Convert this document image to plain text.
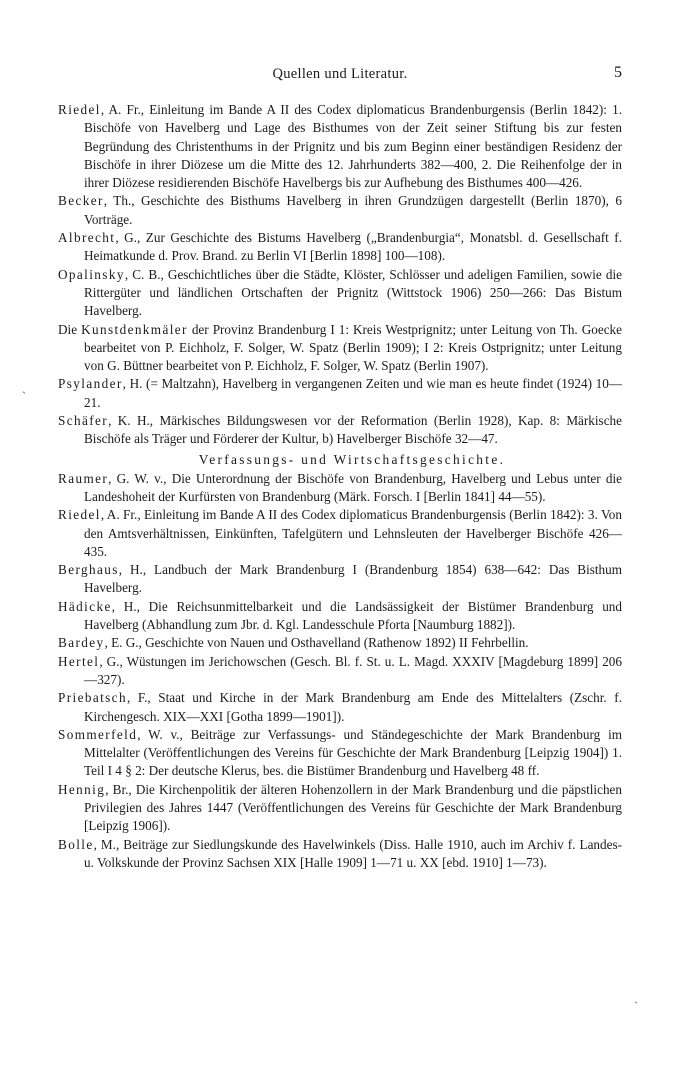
Quellen und Literatur.	5

Riedel, A. Fr., Einleitung im Bande A II des Codex diplomaticus Brandenburgensis (Berlin 1842): 1. Bischöfe von Havelberg und Lage des Bisthumes von der Zeit seiner Stiftung bis zur festen Begründung des Christenthums in der Prignitz und bis zum Beginn einer beständigen Residenz der Bischöfe in ihrer Diözese um die Mitte des 12. Jahrhunderts 382—400, 2. Die Reihenfolge der in ihrer Diözese residierenden Bischöfe Havelbergs bis zur Aufhebung des Bisthumes 400—426.

Becker, Th., Geschichte des Bisthums Havelberg in ihren Grundzügen dargestellt (Berlin 1870), 6 Vorträge.

Albrecht, G., Zur Geschichte des Bistums Havelberg („Brandenburgia“, Monatsbl. d. Gesellschaft f. Heimatkunde d. Prov. Brand. zu Berlin VI [Berlin 1898] 100—108).

Opalinsky, C. B., Geschichtliches über die Städte, Klöster, Schlösser und adeligen Familien, sowie die Rittergüter und ländlichen Ortschaften der Prignitz (Wittstock 1906) 250—266: Das Bistum Havelberg.

Die Kunstdenkmäler der Provinz Brandenburg I 1: Kreis Westprignitz; unter Leitung von Th. Goecke bearbeitet von P. Eichholz, F. Solger, W. Spatz (Berlin 1909); I 2: Kreis Ostprignitz; unter Leitung von G. Büttner bearbeitet von P. Eichholz, F. Solger, W. Spatz (Berlin 1907).

Psylander, H. (= Maltzahn), Havelberg in vergangenen Zeiten und wie man es heute findet (1924) 10—21.

Schäfer, K. H., Märkisches Bildungswesen vor der Reformation (Berlin 1928), Kap. 8: Märkische Bischöfe als Träger und Förderer der Kultur, b) Havelberger Bischöfe 32—47.

Verfassungs- und Wirtschaftsgeschichte.

Raumer, G. W. v., Die Unterordnung der Bischöfe von Brandenburg, Havelberg und Lebus unter die Landeshoheit der Kurfürsten von Brandenburg (Märk. Forsch. I [Berlin 1841] 44—55).

Riedel, A. Fr., Einleitung im Bande A II des Codex diplomaticus Brandenburgensis (Berlin 1842): 3. Von den Amtsverhältnissen, Einkünften, Tafelgütern und Lehnsleuten der Havelberger Bischöfe 426—435.

Berghaus, H., Landbuch der Mark Brandenburg I (Brandenburg 1854) 638—642: Das Bisthum Havelberg.

Hädicke, H., Die Reichsunmittelbarkeit und die Landsässigkeit der Bistümer Brandenburg und Havelberg (Abhandlung zum Jbr. d. Kgl. Landesschule Pforta [Naumburg 1882]).

Bardey, E. G., Geschichte von Nauen und Osthavelland (Rathenow 1892) II Fehrbellin.

Hertel, G., Wüstungen im Jerichowschen (Gesch. Bl. f. St. u. L. Magd. XXXIV [Magdeburg 1899] 206—327).

Priebatsch, F., Staat und Kirche in der Mark Brandenburg am Ende des Mittelalters (Zschr. f. Kirchengesch. XIX—XXI [Gotha 1899—1901]).

Sommerfeld, W. v., Beiträge zur Verfassungs- und Ständegeschichte der Mark Brandenburg im Mittelalter (Veröffentlichungen des Vereins für Geschichte der Mark Brandenburg [Leipzig 1904]) 1. Teil I 4 § 2: Der deutsche Klerus, bes. die Bistümer Brandenburg und Havelberg 48 ff.

Hennig, Br., Die Kirchenpolitik der älteren Hohenzollern in der Mark Brandenburg und die päpstlichen Privilegien des Jahres 1447 (Veröffentlichungen des Vereins für Geschichte der Mark Brandenburg [Leipzig 1906]).

Bolle, M., Beiträge zur Siedlungskunde des Havelwinkels (Diss. Halle 1910, auch im Archiv f. Landes- u. Volkskunde der Provinz Sachsen XIX [Halle 1909] 1—71 u. XX [ebd. 1910] 1—73).

ˏ
ˏ
